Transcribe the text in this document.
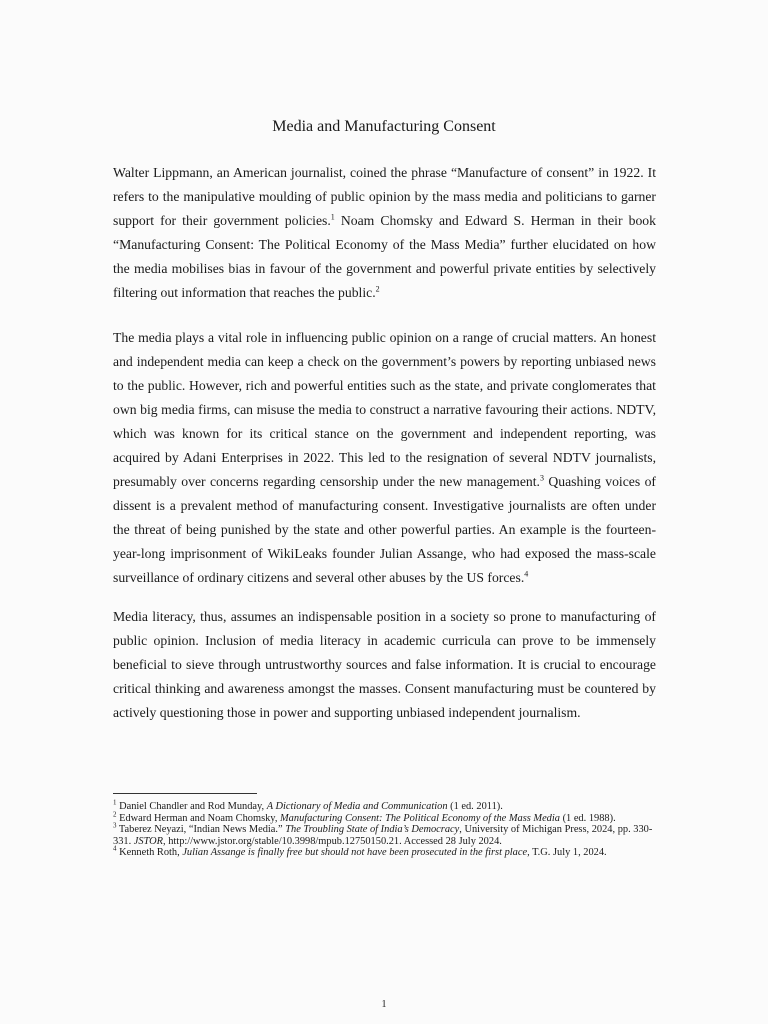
Media and Manufacturing Consent
Walter Lippmann, an American journalist, coined the phrase “Manufacture of consent” in 1922. It refers to the manipulative moulding of public opinion by the mass media and politicians to garner support for their government policies.$^1$ Noam Chomsky and Edward S. Herman in their book “Manufacturing Consent: The Political Economy of the Mass Media” further elucidated on how the media mobilises bias in favour of the government and powerful private entities by selectively filtering out information that reaches the public.$^2$
The media plays a vital role in influencing public opinion on a range of crucial matters. An honest and independent media can keep a check on the government’s powers by reporting unbiased news to the public. However, rich and powerful entities such as the state, and private conglomerates that own big media firms, can misuse the media to construct a narrative favouring their actions. NDTV, which was known for its critical stance on the government and independent reporting, was acquired by Adani Enterprises in 2022. This led to the resignation of several NDTV journalists, presumably over concerns regarding censorship under the new management.$^3$ Quashing voices of dissent is a prevalent method of manufacturing consent. Investigative journalists are often under the threat of being punished by the state and other powerful parties. An example is the fourteen-year-long imprisonment of WikiLeaks founder Julian Assange, who had exposed the mass-scale surveillance of ordinary citizens and several other abuses by the US forces.$^4$
Media literacy, thus, assumes an indispensable position in a society so prone to manufacturing of public opinion. Inclusion of media literacy in academic curricula can prove to be immensely beneficial to sieve through untrustworthy sources and false information. It is crucial to encourage critical thinking and awareness amongst the masses. Consent manufacturing must be countered by actively questioning those in power and supporting unbiased independent journalism.
$^1$ Daniel Chandler and Rod Munday, A Dictionary of Media and Communication (1 ed. 2011).
$^2$ Edward Herman and Noam Chomsky, Manufacturing Consent: The Political Economy of the Mass Media (1 ed. 1988).
$^3$ Taberez Neyazi, “Indian News Media.” The Troubling State of India’s Democracy, University of Michigan Press, 2024, pp. 330-331. JSTOR, http://www.jstor.org/stable/10.3998/mpub.12750150.21. Accessed 28 July 2024.
$^4$ Kenneth Roth, Julian Assange is finally free but should not have been prosecuted in the first place, T.G. July 1, 2024.
1
